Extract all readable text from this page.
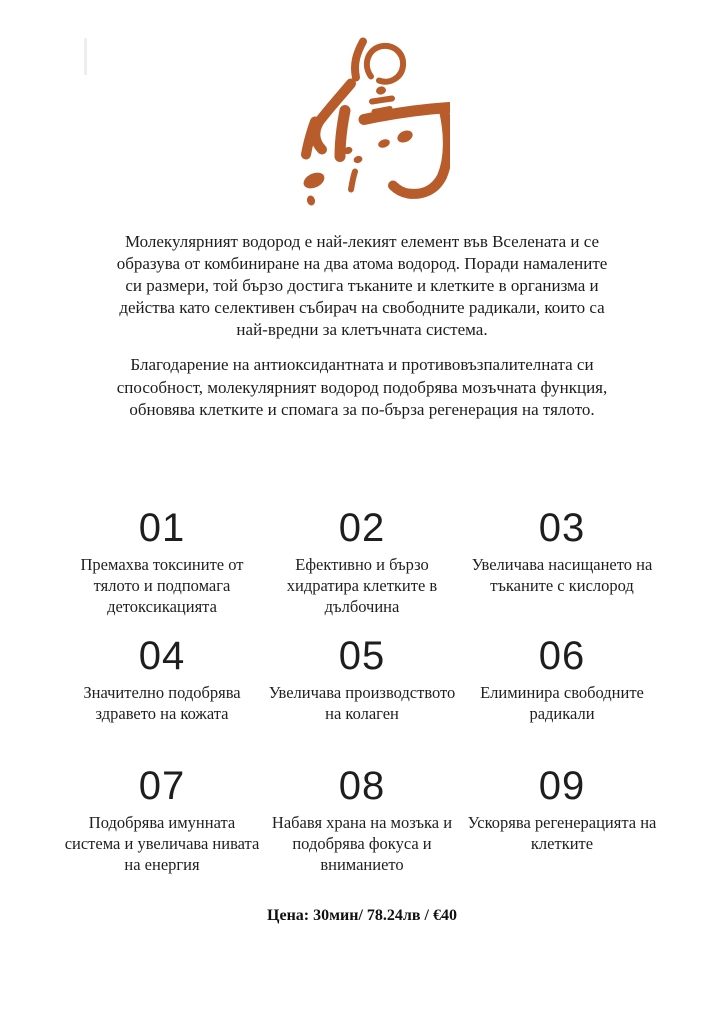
Молекулярният водород е най-лекият елемент във Вселената и се образува от комбиниране на два атома водород. Поради намалените си размери, той бързо достига тъканите и клетките в организма и действа като селективен събирач на свободните радикали, които са най-вредни за клетъчната система.

Благодарение на антиоксидантната и противовъзпалителната си способност, молекулярният водород подобрява мозъчната функция, обновява клетките и спомага за по-бърза регенерация на тялото.

01
Премахва токсините от тялото и подпомага детоксикацията
02
Ефективно и бързо хидратира клетките в дълбочина
03
Увеличава насищането на тъканите с кислород
04
Значително подобрява здравето на кожата
05
Увеличава производството на колаген
06
Елиминира свободните радикали
07
Подобрява имунната система и увеличава нивата на енергия
08
Набавя храна на мозъка и подобрява фокуса и вниманието
09
Ускорява регенерацията на клетките
Цена: 30мин/ 78.24лв / €40
